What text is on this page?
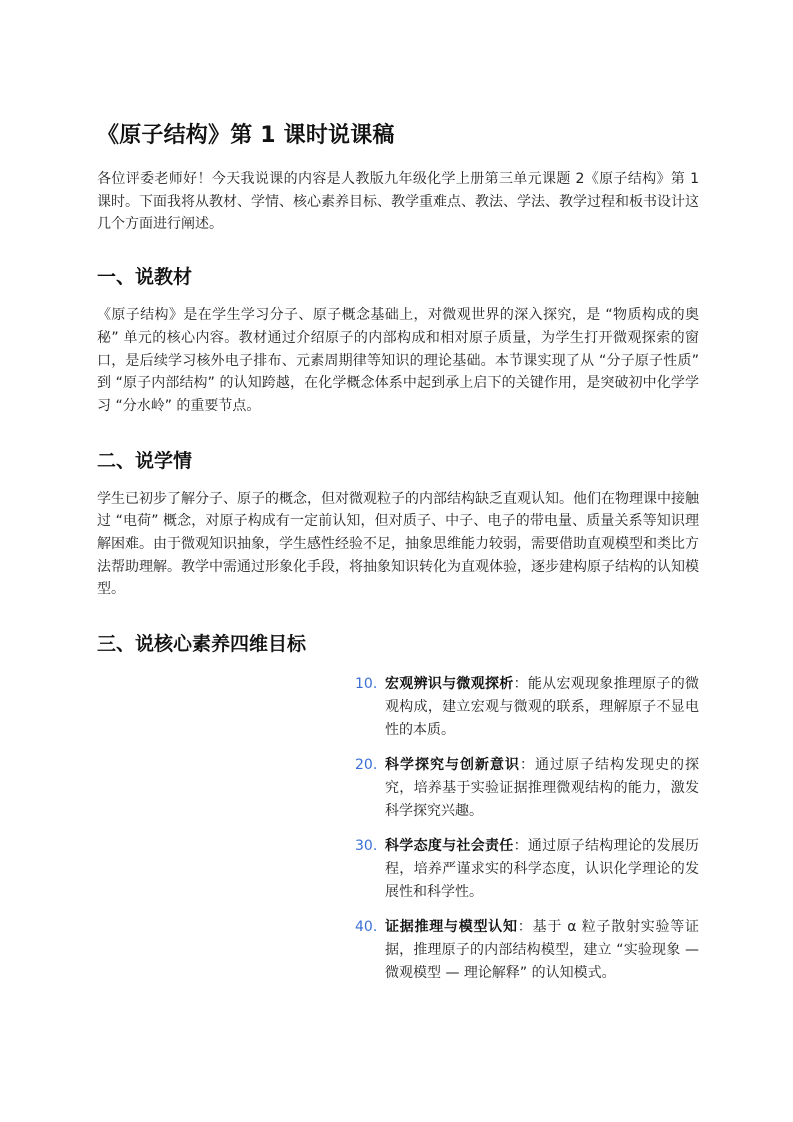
《原子结构》第 1 课时说课稿

各位评委老师好！今天我说课的内容是人教版九年级化学上册第三单元课题 2《原子结构》第 1 课时。下面我将从教材、学情、核心素养目标、教学重难点、教法、学法、教学过程和板书设计这几个方面进行阐述。

一、说教材

《原子结构》是在学生学习分子、原子概念基础上，对微观世界的深入探究，是 “物质构成的奥秘” 单元的核心内容。教材通过介绍原子的内部构成和相对原子质量，为学生打开微观探索的窗口，是后续学习核外电子排布、元素周期律等知识的理论基础。本节课实现了从 “分子原子性质” 到 “原子内部结构” 的认知跨越，在化学概念体系中起到承上启下的关键作用，是突破初中化学学习 “分水岭” 的重要节点。

二、说学情

学生已初步了解分子、原子的概念，但对微观粒子的内部结构缺乏直观认知。他们在物理课中接触过 “电荷” 概念，对原子构成有一定前认知，但对质子、中子、电子的带电量、质量关系等知识理解困难。由于微观知识抽象，学生感性经验不足，抽象思维能力较弱，需要借助直观模型和类比方法帮助理解。教学中需通过形象化手段，将抽象知识转化为直观体验，逐步建构原子结构的认知模型。

三、说核心素养四维目标
10. 宏观辨识与微观探析：能从宏观现象推理原子的微观构成，建立宏观与微观的联系，理解原子不显电性的本质。
20. 科学探究与创新意识：通过原子结构发现史的探究，培养基于实验证据推理微观结构的能力，激发科学探究兴趣。
30. 科学态度与社会责任：通过原子结构理论的发展历程，培养严谨求实的科学态度，认识化学理论的发展性和科学性。
40. 证据推理与模型认知：基于 α 粒子散射实验等证据，推理原子的内部结构模型，建立 “实验现象 — 微观模型 — 理论解释” 的认知模式。
